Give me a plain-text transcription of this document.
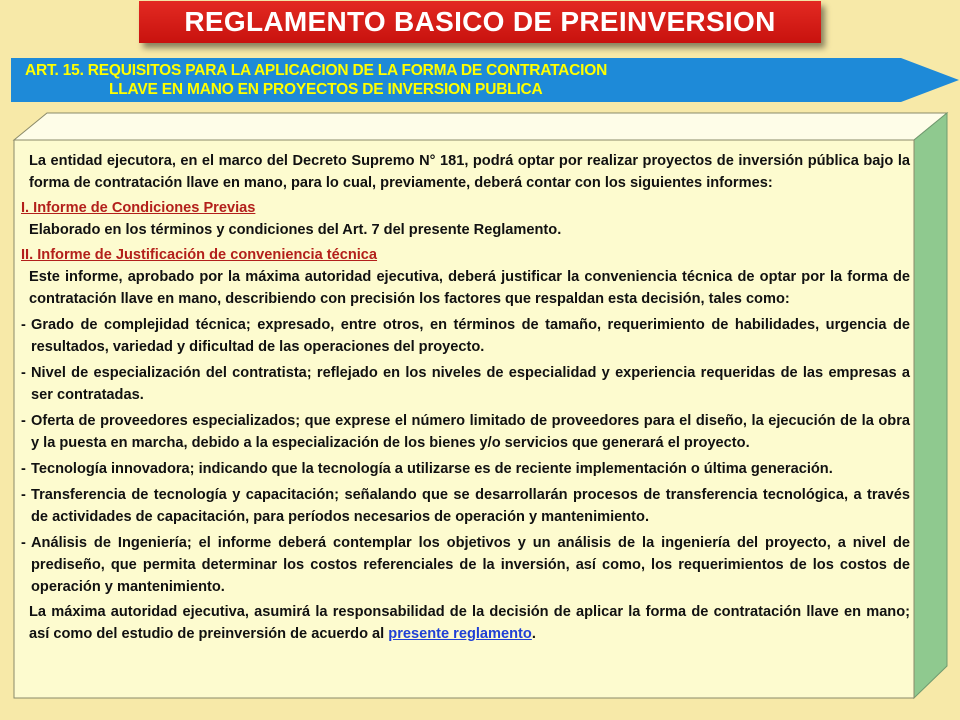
REGLAMENTO BASICO DE PREINVERSION
ART. 15. REQUISITOS PARA LA APLICACION DE LA FORMA DE CONTRATACION
LLAVE EN MANO EN PROYECTOS DE INVERSION PUBLICA

La entidad ejecutora, en el marco del Decreto Supremo N° 181, podrá optar por realizar proyectos de inversión pública bajo la forma de contratación llave en mano, para lo cual, previamente, deberá contar con los siguientes informes:

I. Informe de Condiciones Previas

Elaborado en los términos y condiciones del Art. 7 del presente Reglamento.

II. Informe de Justificación de conveniencia técnica

Este informe, aprobado por la máxima autoridad ejecutiva, deberá justificar la conveniencia técnica de optar por la forma de contratación llave en mano, describiendo con precisión los factores que respaldan esta decisión, tales como:

- Grado de complejidad técnica; expresado, entre otros, en términos de tamaño, requerimiento de habilidades, urgencia de resultados, variedad y dificultad de las operaciones del proyecto.

- Nivel de especialización del contratista; reflejado en los niveles de especialidad y experiencia requeridas de las empresas a ser contratadas.

- Oferta de proveedores especializados; que exprese el número limitado de proveedores para el diseño, la ejecución de la obra y la puesta en marcha, debido a la especialización de los bienes y/o servicios que generará el proyecto.

- Tecnología innovadora; indicando que la tecnología a utilizarse es de reciente implementación o última generación.

- Transferencia de tecnología y capacitación; señalando que se desarrollarán procesos de transferencia tecnológica, a través de actividades de capacitación, para períodos necesarios de operación y mantenimiento.

- Análisis de Ingeniería; el informe deberá contemplar los objetivos y un análisis de la ingeniería del proyecto, a nivel de prediseño, que permita determinar los costos referenciales de la inversión, así como, los requerimientos de los costos de operación y mantenimiento.

La máxima autoridad ejecutiva, asumirá la responsabilidad de la decisión de aplicar la forma de contratación llave en mano; así como del estudio de preinversión de acuerdo al presente reglamento.
